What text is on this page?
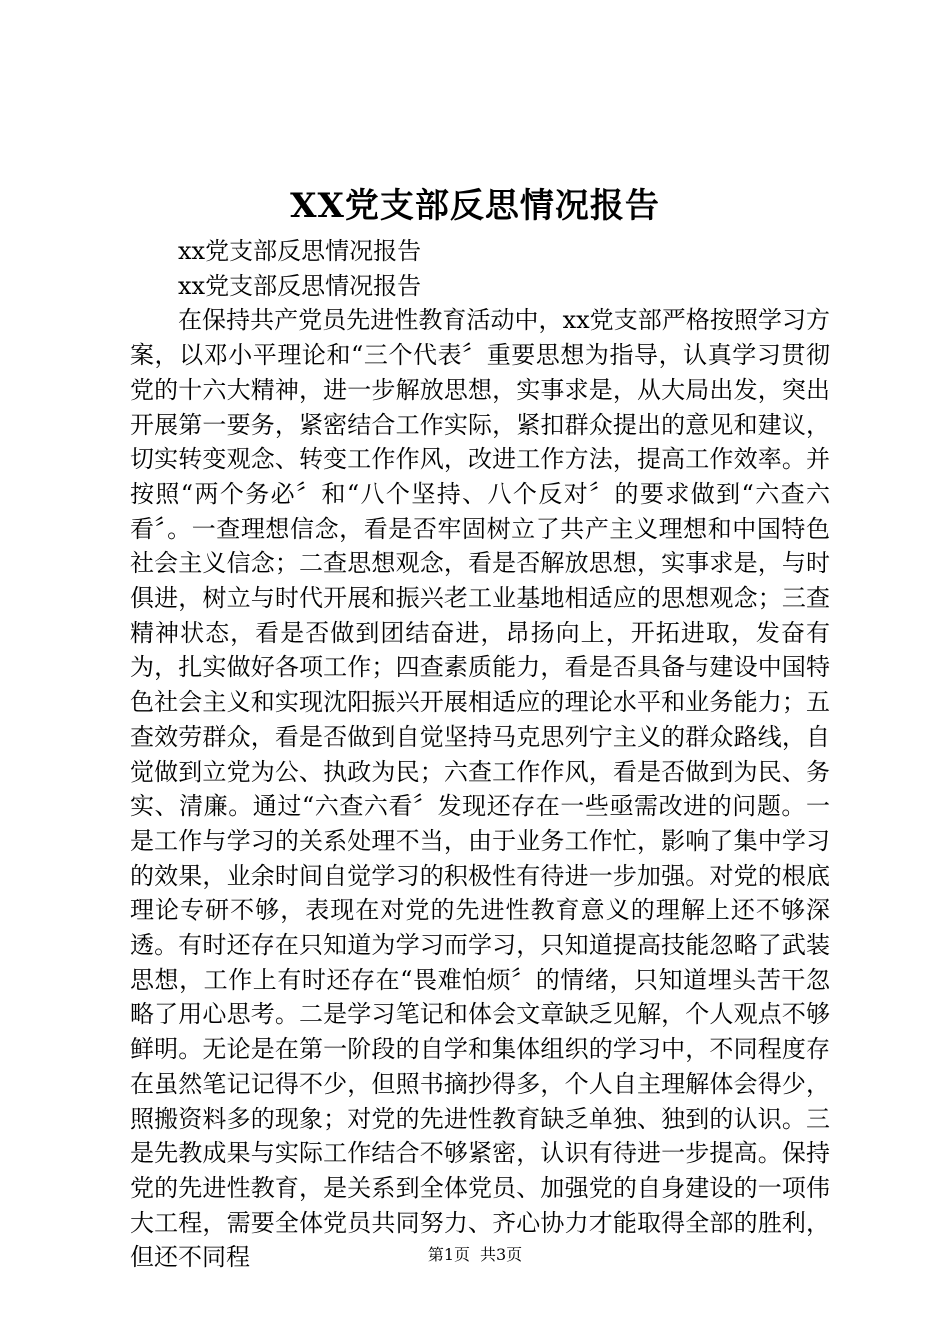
XX党支部反思情况报告

xx党支部反思情况报告

xx党支部反思情况报告

在保持共产党员先进性教育活动中，xx党支部严格按照学习方案，以邓小平理论和“三个代表〞重要思想为指导，认真学习贯彻党的十六大精神，进一步解放思想，实事求是，从大局出发，突出开展第一要务，紧密结合工作实际，紧扣群众提出的意见和建议，切实转变观念、转变工作作风，改进工作方法，提高工作效率。并按照“两个务必〞和“八个坚持、八个反对〞的要求做到“六查六看〞。一查理想信念，看是否牢固树立了共产主义理想和中国特色社会主义信念；二查思想观念，看是否解放思想，实事求是，与时俱进，树立与时代开展和振兴老工业基地相适应的思想观念；三查精神状态，看是否做到团结奋进，昂扬向上，开拓进取，发奋有为，扎实做好各项工作；四查素质能力，看是否具备与建设中国特色社会主义和实现沈阳振兴开展相适应的理论水平和业务能力；五查效劳群众，看是否做到自觉坚持马克思列宁主义的群众路线，自觉做到立党为公、执政为民；六查工作作风，看是否做到为民、务实、清廉。通过“六查六看〞发现还存在一些亟需改进的问题。一是工作与学习的关系处理不当，由于业务工作忙，影响了集中学习的效果，业余时间自觉学习的积极性有待进一步加强。对党的根底理论专研不够，表现在对党的先进性教育意义的理解上还不够深透。有时还存在只知道为学习而学习，只知道提高技能忽略了武装思想，工作上有时还存在“畏难怕烦〞的情绪，只知道埋头苦干忽略了用心思考。二是学习笔记和体会文章缺乏见解，个人观点不够鲜明。无论是在第一阶段的自学和集体组织的学习中，不同程度存在虽然笔记记得不少，但照书摘抄得多，个人自主理解体会得少，照搬资料多的现象；对党的先进性教育缺乏单独、独到的认识。三是先教成果与实际工作结合不够紧密，认识有待进一步提高。保持党的先进性教育，是关系到全体党员、加强党的自身建设的一项伟大工程，需要全体党员共同努力、齐心协力才能取得全部的胜利，但还不同程	第1页 共3页
